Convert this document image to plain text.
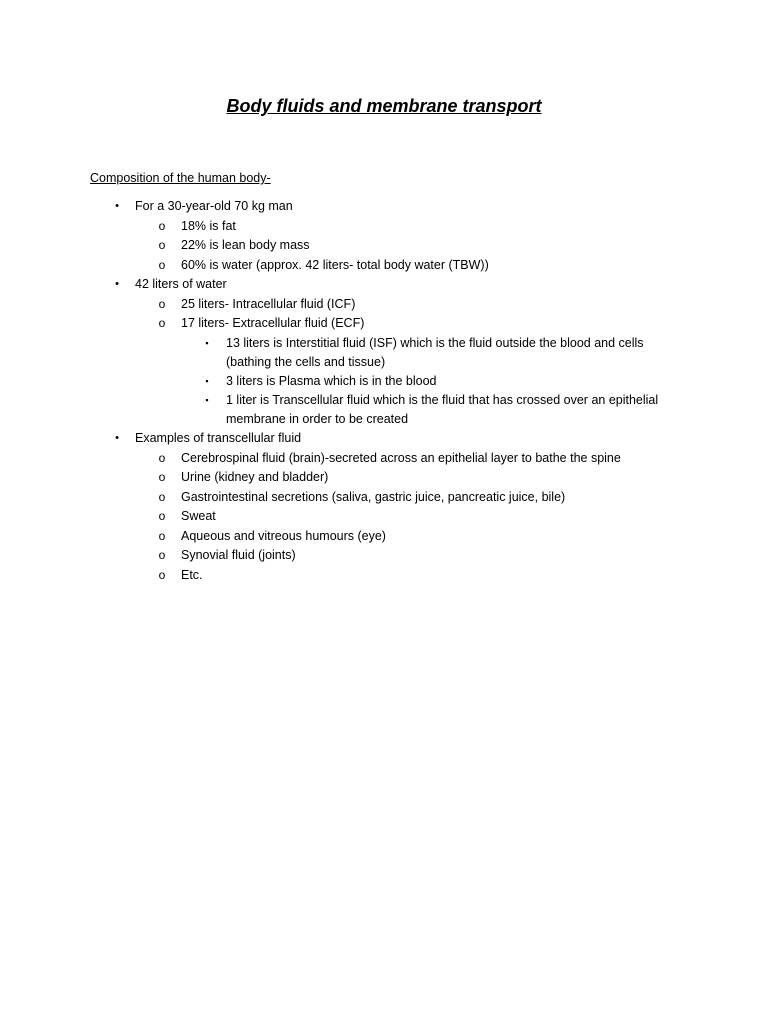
Body fluids and membrane transport

Composition of the human body-

•	For a 30-year-old 70 kg man
o 18% is fat
o 22% is lean body mass
o 60% is water (approx. 42 liters- total body water (TBW))
•	42 liters of water
o 25 liters- Intracellular fluid (ICF)
o 17 liters- Extracellular fluid (ECF)
▪	13 liters is Interstitial fluid (ISF) which is the fluid outside the blood and cells (bathing the cells and tissue)
▪	3 liters is Plasma which is in the blood
▪	1 liter is Transcellular fluid which is the fluid that has crossed over an epithelial membrane in order to be created
•	Examples of transcellular fluid
o Cerebrospinal fluid (brain)-secreted across an epithelial layer to bathe the spine
o Urine (kidney and bladder)
o Gastrointestinal secretions (saliva, gastric juice, pancreatic juice, bile)
o Sweat
o Aqueous and vitreous humours (eye)
o Synovial fluid (joints)
o Etc.
